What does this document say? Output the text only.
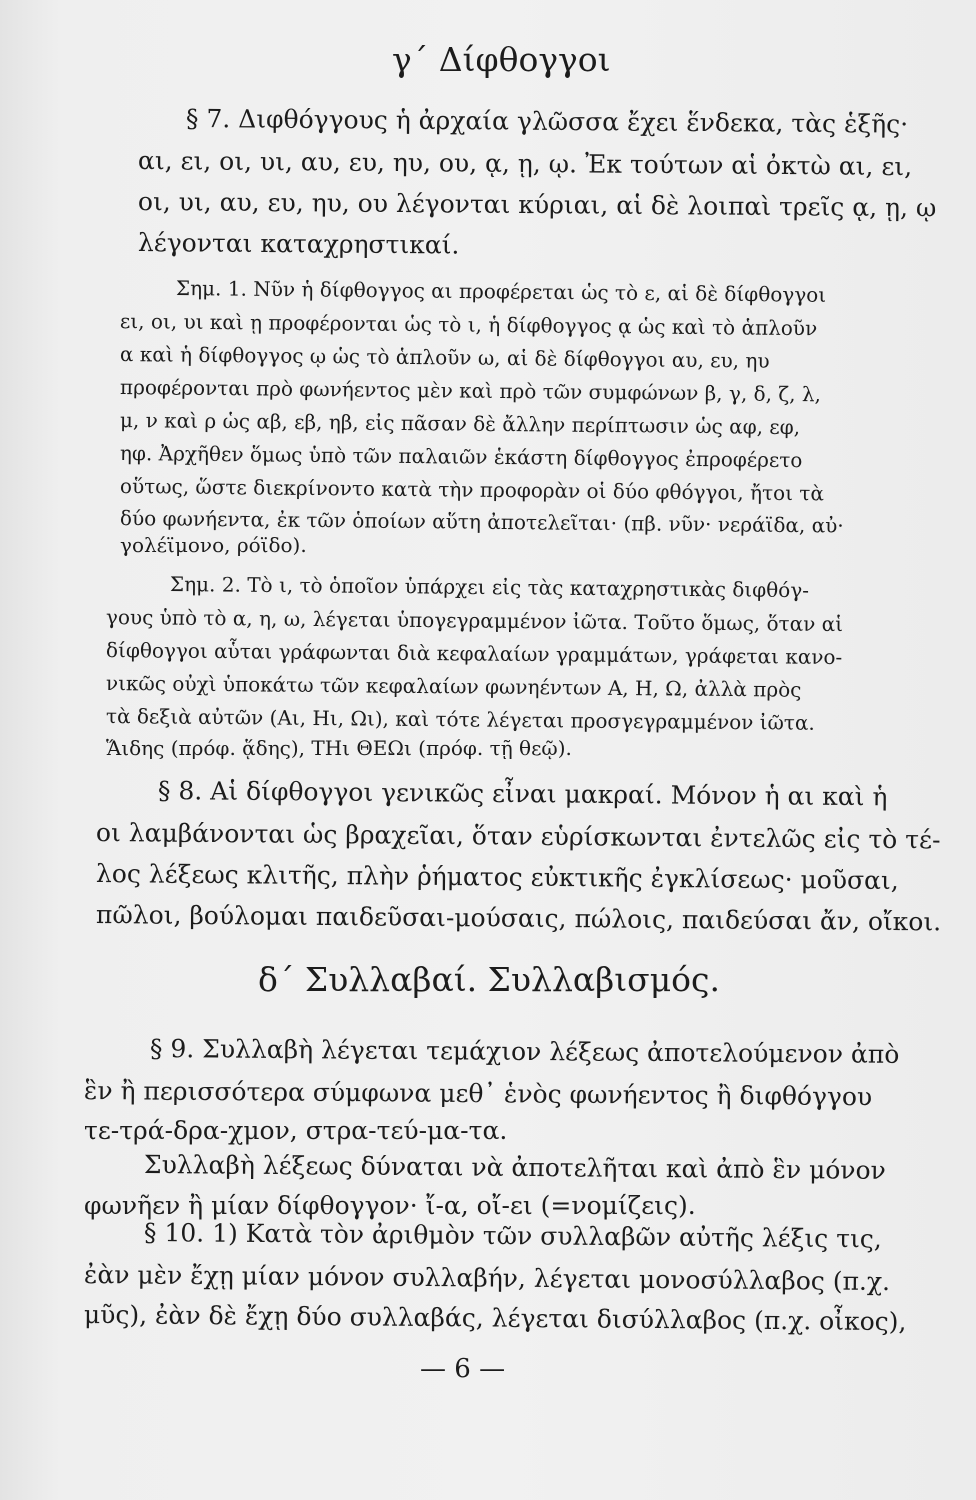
γ΄ Δίφθογγοι
§ 7. Διφθόγγους ἡ ἀρχαία γλῶσσα ἔχει ἕνδεκα, τὰς ἑξῆς·
αι, ει, οι, υι, αυ, ευ, ηυ, ου, ᾳ, ῃ, ῳ. Ἐκ τούτων αἱ ὀκτὼ αι, ει,
οι, υι, αυ, ευ, ηυ, ου λέγονται κύριαι, αἱ δὲ λοιπαὶ τρεῖς ᾳ, ῃ, ῳ
λέγονται καταχρηστικαί.
Σημ. 1. Νῦν ἡ δίφθογγος αι προφέρεται ὡς τὸ ε, αἱ δὲ δίφθογγοι
ει, οι, υι καὶ ῃ προφέρονται ὡς τὸ ι, ἡ δίφθογγος ᾳ ὡς καὶ τὸ ἁπλοῦν
α καὶ ἡ δίφθογγος ῳ ὡς τὸ ἁπλοῦν ω, αἱ δὲ δίφθογγοι αυ, ευ, ηυ
προφέρονται πρὸ φωνήεντος μὲν καὶ πρὸ τῶν συμφώνων β, γ, δ, ζ, λ,
μ, ν καὶ ρ ὡς αβ, εβ, ηβ, εἰς πᾶσαν δὲ ἄλλην περίπτωσιν ὡς αφ, εφ,
ηφ. Ἀρχῆθεν ὅμως ὑπὸ τῶν παλαιῶν ἑκάστη δίφθογγος ἐπροφέρετο
οὕτως, ὥστε διεκρίνοντο κατὰ τὴν προφορὰν οἱ δύο φθόγγοι, ἤτοι τὰ
δύο φωνήεντα, ἐκ τῶν ὁποίων αὕτη ἀποτελεῖται· (πβ. νῦν· νεράϊδα, αὐ·
γολέϊμονο, ρόϊδο).
Σημ. 2. Τὸ ι, τὸ ὁποῖον ὑπάρχει εἰς τὰς καταχρηστικὰς διφθόγ-
γους ὑπὸ τὸ α, η, ω, λέγεται ὑπογεγραμμένον ἰῶτα. Τοῦτο ὅμως, ὅταν αἱ
δίφθογγοι αὗται γράφωνται διὰ κεφαλαίων γραμμάτων, γράφεται κανο-
νικῶς οὐχὶ ὑποκάτω τῶν κεφαλαίων φωνηέντων Α, Η, Ω, ἀλλὰ πρὸς
τὰ δεξιὰ αὐτῶν (Αι, Ηι, Ωι), καὶ τότε λέγεται προσγεγραμμένον ἰῶτα.
Ἅιδης (πρόφ. ᾅδης), ΤΗι ΘΕΩι (πρόφ. τῇ θεῷ).
§ 8. Αἱ δίφθογγοι γενικῶς εἶναι μακραί. Μόνον ἡ αι καὶ ἡ
οι λαμβάνονται ὡς βραχεῖαι, ὅταν εὑρίσκωνται ἐντελῶς εἰς τὸ τέ-
λος λέξεως κλιτῆς, πλὴν ῥήματος εὐκτικῆς ἐγκλίσεως· μοῦσαι,
πῶλοι, βούλομαι παιδεῦσαι-μούσαις, πώλοις, παιδεύσαι ἄν, οἴκοι.
δ΄ Συλλαβαί. Συλλαβισμός.
§ 9. Συλλαβὴ λέγεται τεμάχιον λέξεως ἀποτελούμενον ἀπὸ
ἓν ἢ περισσότερα σύμφωνα μεθ᾽ ἑνὸς φωνήεντος ἢ διφθόγγου
τε-τρά-δρα-χμον, στρα-τεύ-μα-τα.
Συλλαβὴ λέξεως δύναται νὰ ἀποτελῆται καὶ ἀπὸ ἓν μόνον
φωνῆεν ἢ μίαν δίφθογγον· ἴ-α, οἴ-ει (=νομίζεις).
§ 10. 1) Κατὰ τὸν ἀριθμὸν τῶν συλλαβῶν αὐτῆς λέξις τις,
ἐὰν μὲν ἔχῃ μίαν μόνον συλλαβήν, λέγεται μονοσύλλαβος (π.χ.
μῦς), ἐὰν δὲ ἔχῃ δύο συλλαβάς, λέγεται δισύλλαβος (π.χ. οἶκος),
— 6 —
